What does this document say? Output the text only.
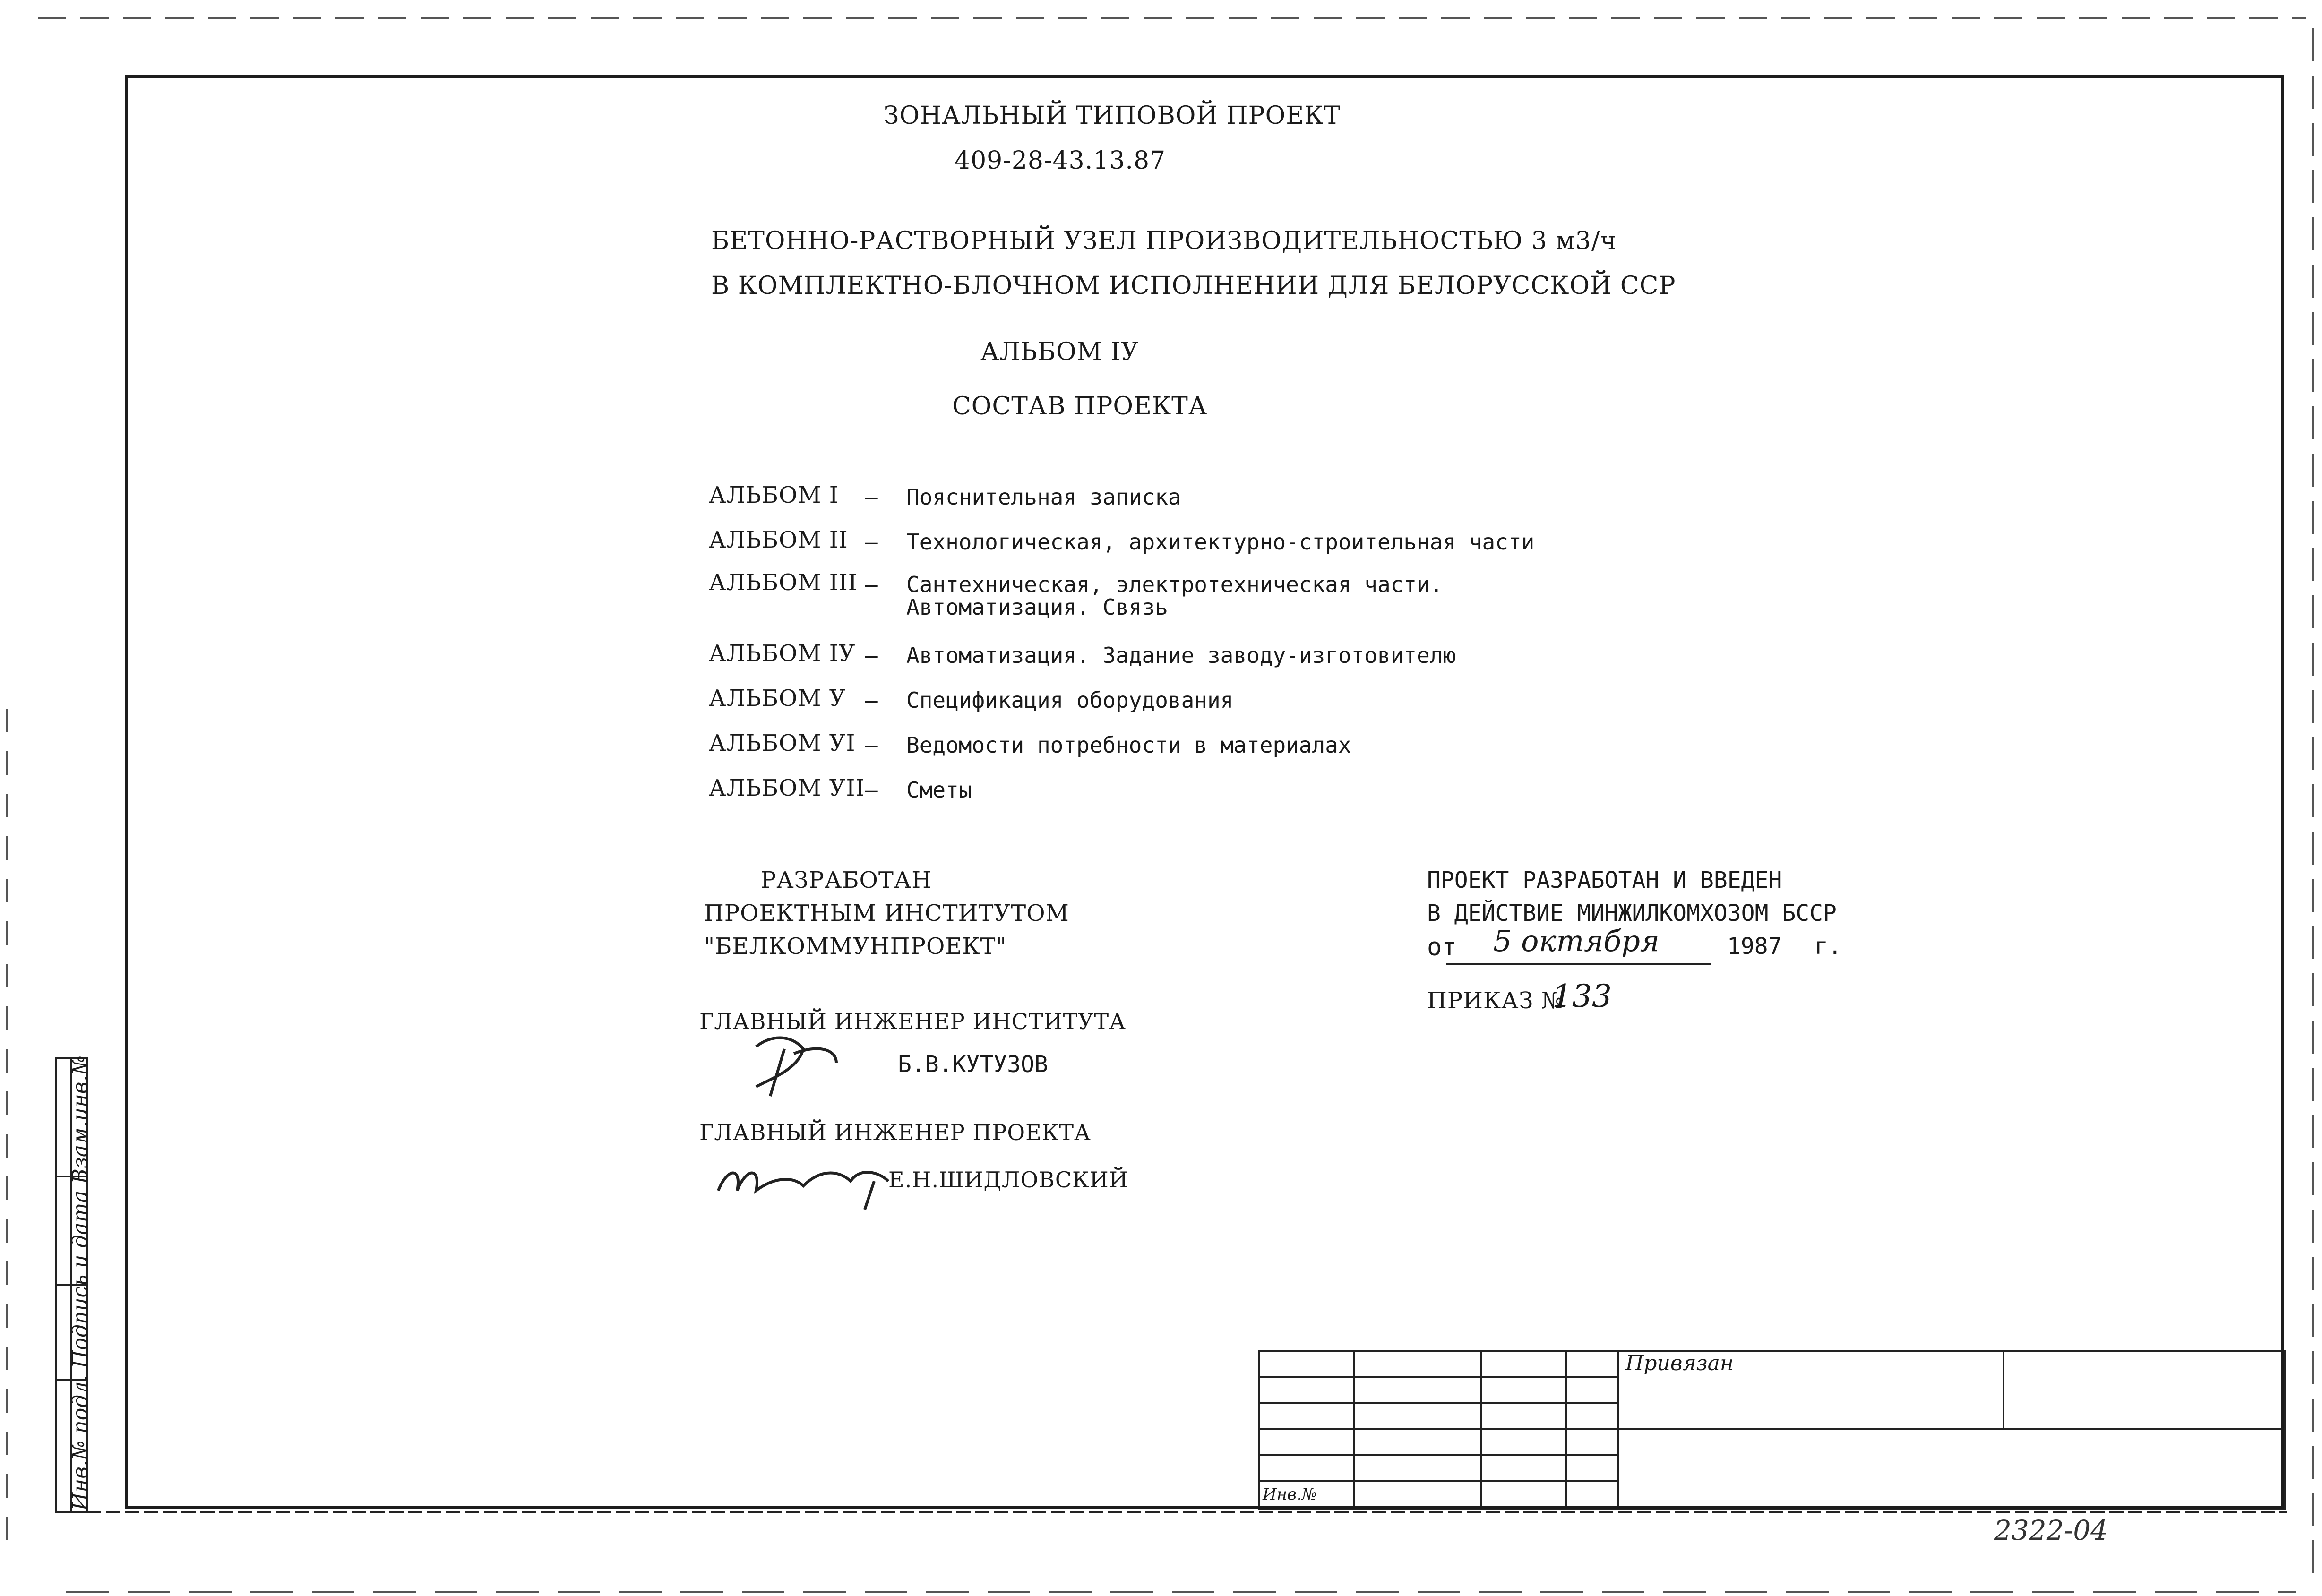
Инв.№ подл. Подпись и дата Взам.инв.№
ЗОНАЛЬНЫЙ ТИПОВОЙ ПРОЕКТ
409-28-43.13.87
БЕТОННО-РАСТВОРНЫЙ УЗЕЛ ПРОИЗВОДИТЕЛЬНОСТЬЮ 3 м3/ч
В КОМПЛЕКТНО-БЛОЧНОМ ИСПОЛНЕНИИ ДЛЯ БЕЛОРУССКОЙ ССР
АЛЬБОМ IУ
СОСТАВ ПРОЕКТА
АЛЬБОМ I – Пояснительная записка
АЛЬБОМ II – Технологическая, архитектурно-строительная части
АЛЬБОМ III – Сантехническая, электротехническая части.
Автоматизация. Связь
АЛЬБОМ IУ – Автоматизация. Задание заводу-изготовителю
АЛЬБОМ У – Спецификация оборудования
АЛЬБОМ УI – Ведомости потребности в материалах
АЛЬБОМ УII – Сметы
РАЗРАБОТАН
ПРОЕКТНЫМ ИНСТИТУТОМ
"БЕЛКОММУНПРОЕКТ"
ПРОЕКТ РАЗРАБОТАН И ВВЕДЕН
В ДЕЙСТВИЕ МИНЖИЛКОМХОЗОМ БССР
от 5 октября	1987 г.
ПРИКАЗ №
133
ГЛАВНЫЙ ИНЖЕНЕР ИНСТИТУТА
Б.В.КУТУЗОВ
ГЛАВНЫЙ ИНЖЕНЕР ПРОЕКТА
Е.Н.ШИДЛОВСКИЙ
Привязан
Инв.№
2322-04
